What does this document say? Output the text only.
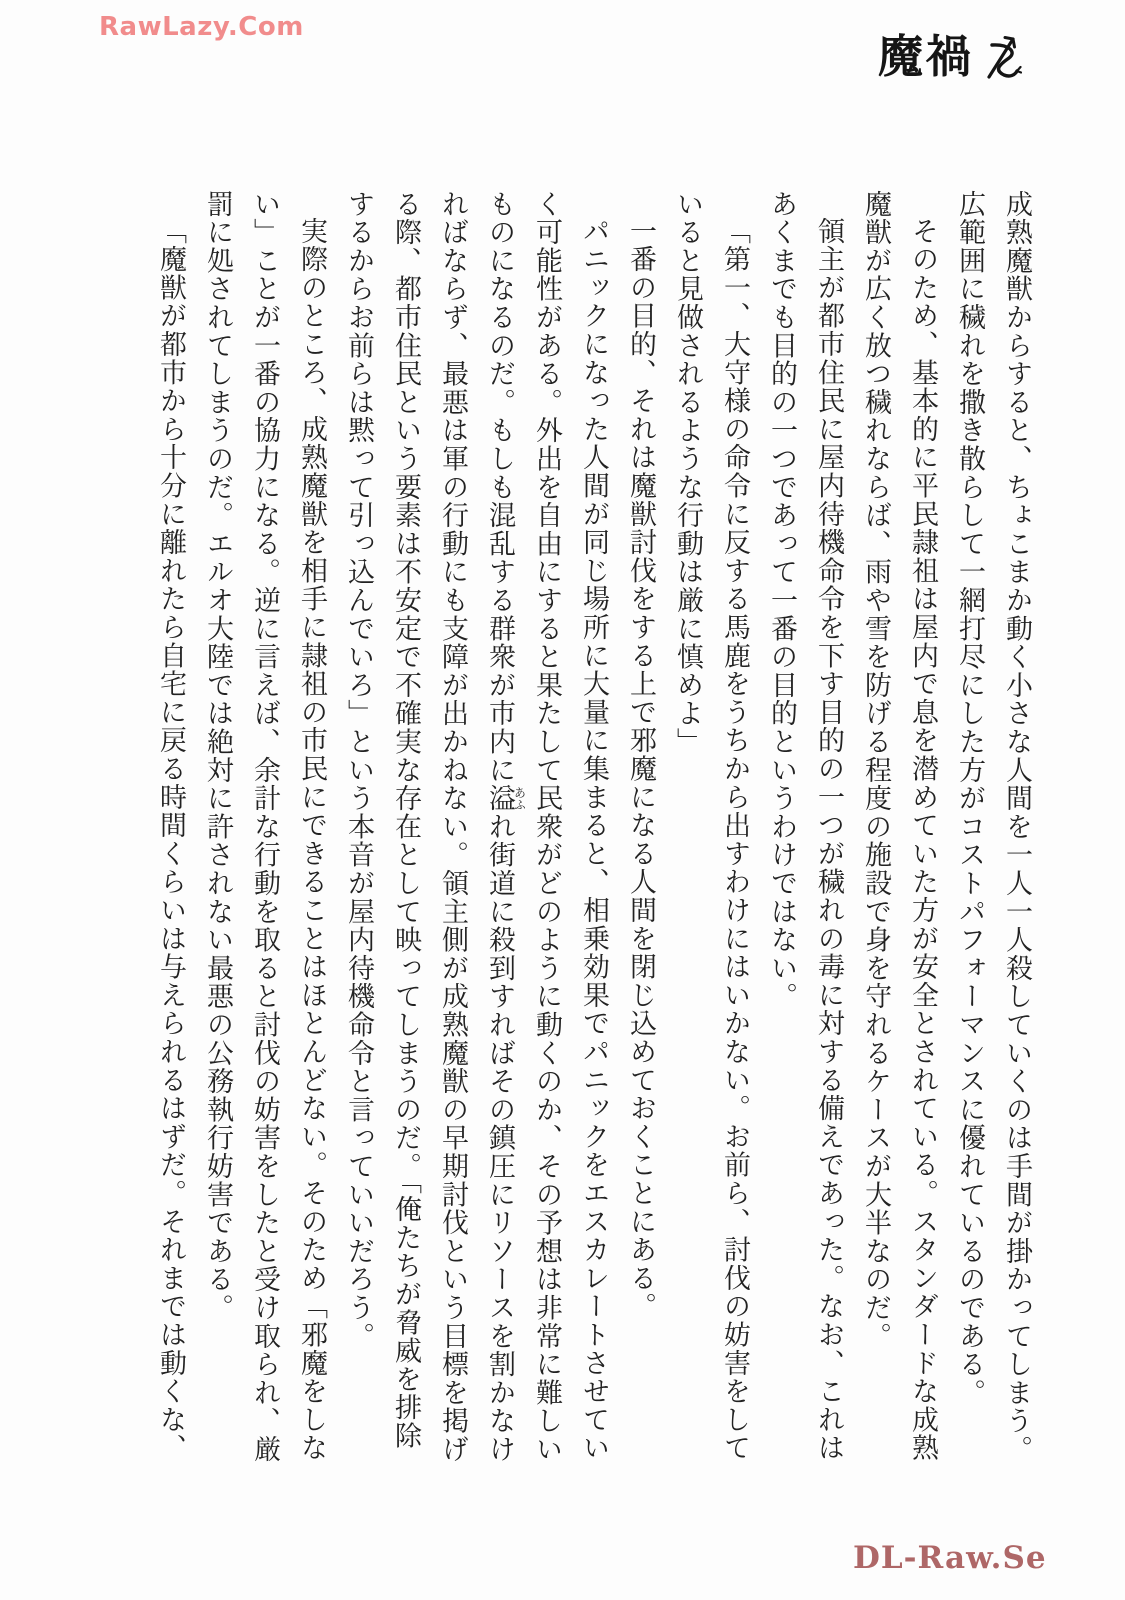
RawLazy.Com
魔禍

成熟魔獣からすると、ちょこまか動く小さな人間を一人一人殺していくのは手間が掛かってしまう。広範囲に穢れを撒き散らして一網打尽にした方がコストパフォーマンスに優れているのである。

そのため、基本的に平民隷祖は屋内で息を潜めていた方が安全とされている。スタンダードな成熟魔獣が広く放つ穢れならば、雨や雪を防げる程度の施設で身を守れるケースが大半なのだ。

領主が都市住民に屋内待機命令を下す目的の一つが穢れの毒に対する備えであった。なお、これはあくまでも目的の一つであって一番の目的というわけではない。

「第一、大守様の命令に反する馬鹿をうちから出すわけにはいかない。お前ら、討伐の妨害をしていると見做されるような行動は厳に慎めよ」

一番の目的、それは魔獣討伐をする上で邪魔になる人間を閉じ込めておくことにある。

パニックになった人間が同じ場所に大量に集まると、相乗効果でパニックをエスカレートさせていく可能性がある。外出を自由にすると果たして民衆がどのように動くのか、その予想は非常に難しいものになるのだ。もしも混乱する群衆が市内に溢あふれ街道に殺到すればその鎮圧にリソースを割かなければならず、最悪は軍の行動にも支障が出かねない。領主側が成熟魔獣の早期討伐という目標を掲げる際、都市住民という要素は不安定で不確実な存在として映ってしまうのだ。「俺たちが脅威を排除するからお前らは黙って引っ込んでいろ」という本音が屋内待機命令と言っていいだろう。

実際のところ、成熟魔獣を相手に隷祖の市民にできることはほとんどない。そのため「邪魔をしない」ことが一番の協力になる。逆に言えば、余計な行動を取ると討伐の妨害をしたと受け取られ、厳罰に処されてしまうのだ。エルオ大陸では絶対に許されない最悪の公務執行妨害である。

「魔獣が都市から十分に離れたら自宅に戻る時間くらいは与えられるはずだ。それまでは動くな、

DL-Raw.Se
